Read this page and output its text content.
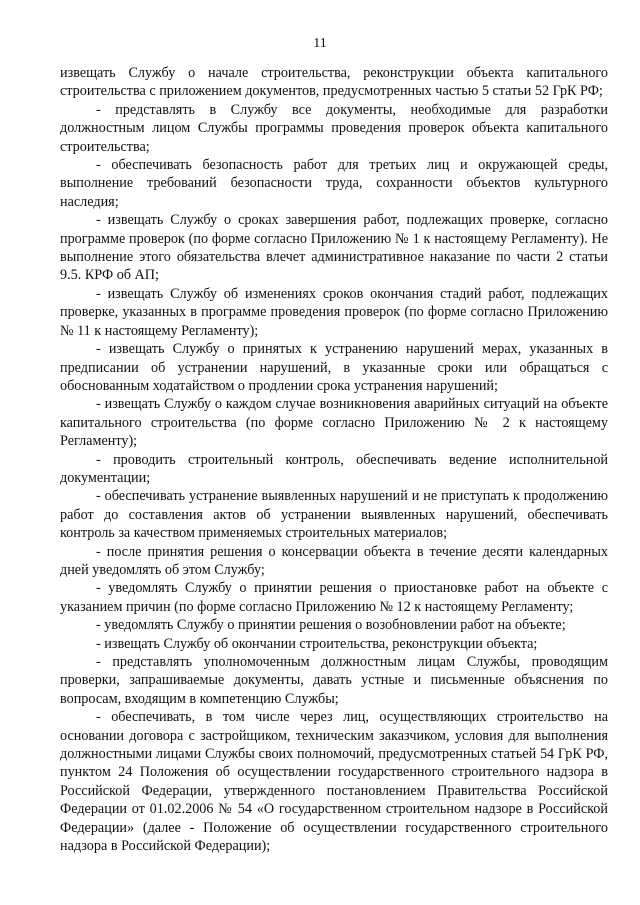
11

извещать Службу о начале строительства, реконструкции объекта капитального строительства с приложением документов, предусмотренных частью 5 статьи 52 ГрК РФ;

- представлять в Службу все документы, необходимые для разработки должностным лицом Службы программы проведения проверок объекта капитального строительства;

- обеспечивать безопасность работ для третьих лиц и окружающей среды, выполнение требований безопасности труда, сохранности объектов культурного наследия;

- извещать Службу о сроках завершения работ, подлежащих проверке, согласно программе проверок (по форме согласно Приложению № 1 к настоящему Регламенту). Не выполнение этого обязательства влечет административное наказание по части 2 статьи 9.5. КРФ об АП;

- извещать Службу об изменениях сроков окончания стадий работ, подлежащих проверке, указанных в программе проведения проверок (по форме согласно Приложению № 11 к настоящему Регламенту);

- извещать Службу о принятых к устранению нарушений мерах, указанных в предписании об устранении нарушений, в указанные сроки или обращаться с обоснованным ходатайством о продлении срока устранения нарушений;

- извещать Службу о каждом случае возникновения аварийных ситуаций на объекте капитального строительства (по форме согласно Приложению № 2 к настоящему Регламенту);

- проводить строительный контроль, обеспечивать ведение исполнительной документации;

- обеспечивать устранение выявленных нарушений и не приступать к продолжению работ до составления актов об устранении выявленных нарушений, обеспечивать контроль за качеством применяемых строительных материалов;

- после принятия решения о консервации объекта в течение десяти календарных дней уведомлять об этом Службу;

- уведомлять Службу о принятии решения о приостановке работ на объекте с указанием причин (по форме согласно Приложению № 12 к настоящему Регламенту;

- уведомлять Службу о принятии решения о возобновлении работ на объекте;

- извещать Службу об окончании строительства, реконструкции объекта;

- представлять уполномоченным должностным лицам Службы, проводящим проверки, запрашиваемые документы, давать устные и письменные объяснения по вопросам, входящим в компетенцию Службы;

- обеспечивать, в том числе через лиц, осуществляющих строительство на основании договора с застройщиком, техническим заказчиком, условия для выполнения должностными лицами Службы своих полномочий, предусмотренных статьей 54 ГрК РФ, пунктом 24 Положения об осуществлении государственного строительного надзора в Российской Федерации, утвержденного постановлением Правительства Российской Федерации от 01.02.2006 № 54 «О государственном строительном надзоре в Российской Федерации» (далее - Положение об осуществлении государственного строительного надзора в Российской Федерации);
